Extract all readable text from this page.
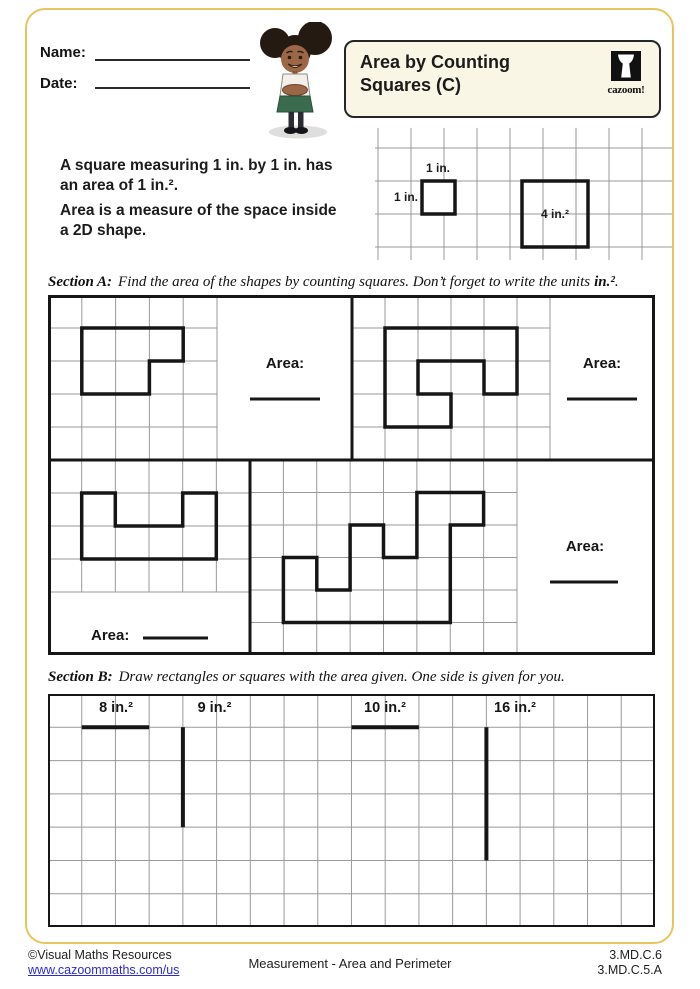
Name:
Date:
Area by Counting
Squares (C)	cazoom!
A square measuring 1 in. by 1 in. has
an area of 1 in.².
Area is a measure of the space inside
a 2D shape.
1 in.
1 in.
4 in.²
Section A: Find the area of the shapes by counting squares. Don’t forget to write the units in.².
Area:	Area:
Area:
Area:
Section B: Draw rectangles or squares with the area given. One side is given for you.
8 in.²	9 in.²	10 in.²	16 in.²
©Visual Maths Resources
www.cazoommaths.com/us	Measurement - Area and Perimeter
3.MD.C.6
3.MD.C.5.A
